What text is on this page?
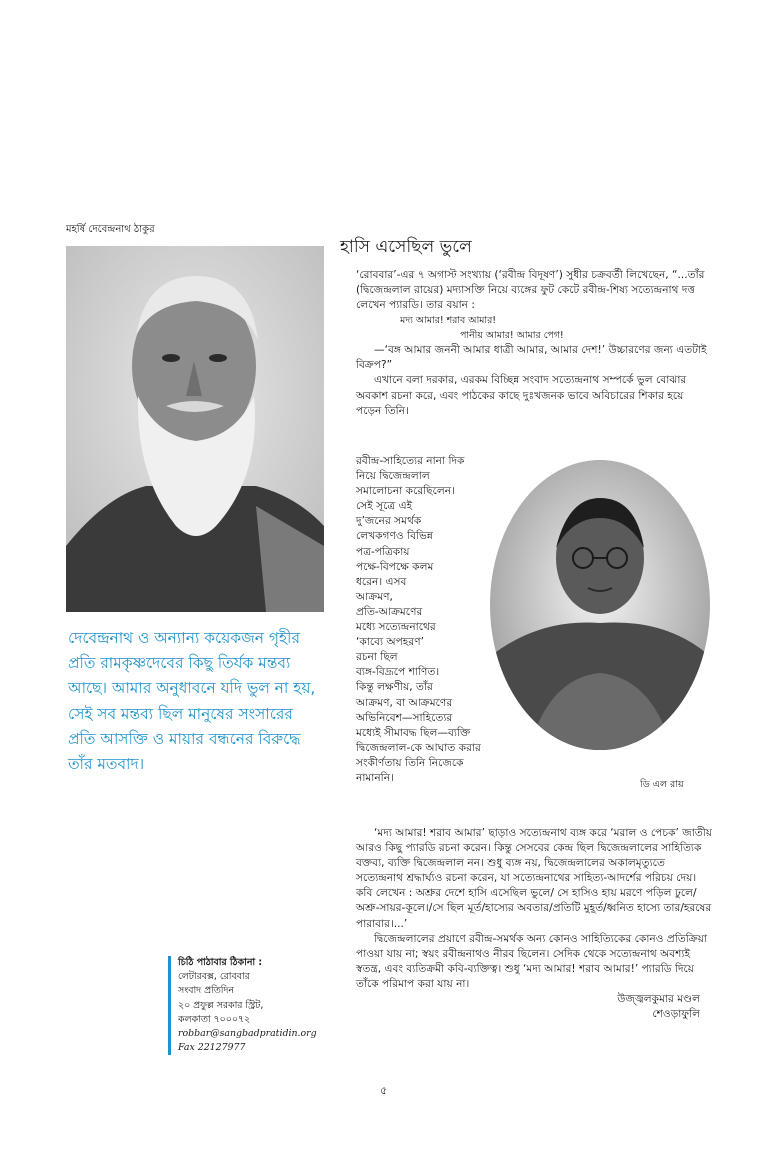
মহর্ষি দেবেন্দ্রনাথ ঠাকুর
দেবেন্দ্রনাথ ও অন্যান্য কয়েকজন গৃহীর প্রতি রামকৃষ্ণদেবের কিছু তির্যক মন্তব্য আছে। আমার অনুধাবনে যদি ভুল না হয়, সেই সব মন্তব্য ছিল মানুষের সংসারের প্রতি আসক্তি ও মায়ার বন্ধনের বিরুদ্ধে তাঁর মতবাদ।
চিঠি পাঠাবার ঠিকানা :
লেটারবক্স, রোববার
সংবাদ প্রতিদিন
২০ প্রফুল্ল সরকার স্ট্রিট,
কলকাতা ৭০০০৭২
robbar@sangbadpratidin.org
Fax 22127977
হাসি এসেছিল ভুলে

‘রোববার’-এর ৭ অগাস্ট সংখ্যায় (‘রবীন্দ্র বিদূষণ’) সুধীর চক্রবর্তী লিখেছেন, “...তাঁর (দ্বিজেন্দ্রলাল রায়ের) মদ্যাসক্তি নিয়ে ব্যঙ্গের ফুট কেটে রবীন্দ্র-শিষ্য সত্যেন্দ্রনাথ দত্ত লেখেন প্যারডি। তার বয়ান :

মদ্য আমার! শরাব আমার!
পানীয় আমার! আমার পেগ!

—‘বঙ্গ আমার জননী আমার ধাত্রী আমার, আমার দেশ!’ উচ্চারণের জন্য এতটাই বিক্রপ?”

এখানে বলা দরকার, এরকম বিচ্ছিন্ন সংবাদ সত্যেন্দ্রনাথ সম্পর্কে ভুল বোঝার অবকাশ রচনা করে, এবং পাঠকের কাছে দুঃখজনক ভাবে অবিচারের শিকার হয়ে পড়েন তিনি।

রবীন্দ্র-সাহিত্যের নানা দিক
নিয়ে দ্বিজেন্দ্রলাল
সমালোচনা করেছিলেন।
সেই সূত্রে এই
দু’জনের সমর্থক
লেখকগণও বিভিন্ন
পত্র-পত্রিকায়
পক্ষে-বিপক্ষে কলম
ধরেন। এসব
আক্রমণ,
প্রতি-আক্রমণের
মধ্যে সত্যেন্দ্রনাথের
‘কাব্যে অপহরণ’
রচনা ছিল
ব্যঙ্গ-বিদ্রূপে শাণিত।
কিন্তু লক্ষণীয়, তাঁর
আক্রমণ, বা আক্রমণের
অভিনিবেশ—সাহিত্যের
মধ্যেই সীমাবদ্ধ ছিল—ব্যক্তি
দ্বিজেন্দ্রলাল-কে আঘাত করার
সংকীর্ণতায় তিনি নিজেকে
নামাননি।
ডি এল রায়

‘মদ্য আমার! শরাব আমার’ ছাড়াও সত্যেন্দ্রনাথ ব্যঙ্গ করে ‘মরাল ও পেচক’ জাতীয় আরও কিছু প্যারডি রচনা করেন। কিন্তু সেসবের কেন্দ্র ছিল দ্বিজেন্দ্রলালের সাহিত্যিক বক্তব্য, ব্যক্তি দ্বিজেন্দ্রলাল নন। শুধু ব্যঙ্গ নয়, দ্বিজেন্দ্রলালের অকালমৃত্যুতে সত্যেন্দ্রনাথ শ্রদ্ধার্ঘ্যও রচনা করেন, যা সত্যেন্দ্রনাথের সাহিত্য-আদর্শের পরিচয় দেয়। কবি লেখেন : অশ্রুর দেশে হাসি এসেছিল ভুলে/ সে হাসিও হায় মরণে পড়িল ঢুলে/অশ্রু-সায়র-কূলে।/সে ছিল মূর্ত/হাস্যের অবতার/প্রতিটি মুহূর্ত/ধ্বনিত হাস্যে তার/হরষের পারাবার।...’

দ্বিজেন্দ্রলালের প্রয়াণে রবীন্দ্র-সমর্থক অন্য কোনও সাহিত্যিকের কোনও প্রতিক্রিয়া পাওয়া যায় না; স্বয়ং রবীন্দ্রনাথও নীরব ছিলেন। সেদিক থেকে সত্যেন্দ্রনাথ অবশ্যই স্বতন্ত্র, এবং ব্যতিক্রমী কবি-ব্যক্তিত্ব। শুধু ‘মদ্য আমার! শরাব আমার!’ প্যারডি দিয়ে তাঁকে পরিমাপ করা যায় না।

উজ্জ্বলকুমার মণ্ডল
শেওড়াফুলি
৫
